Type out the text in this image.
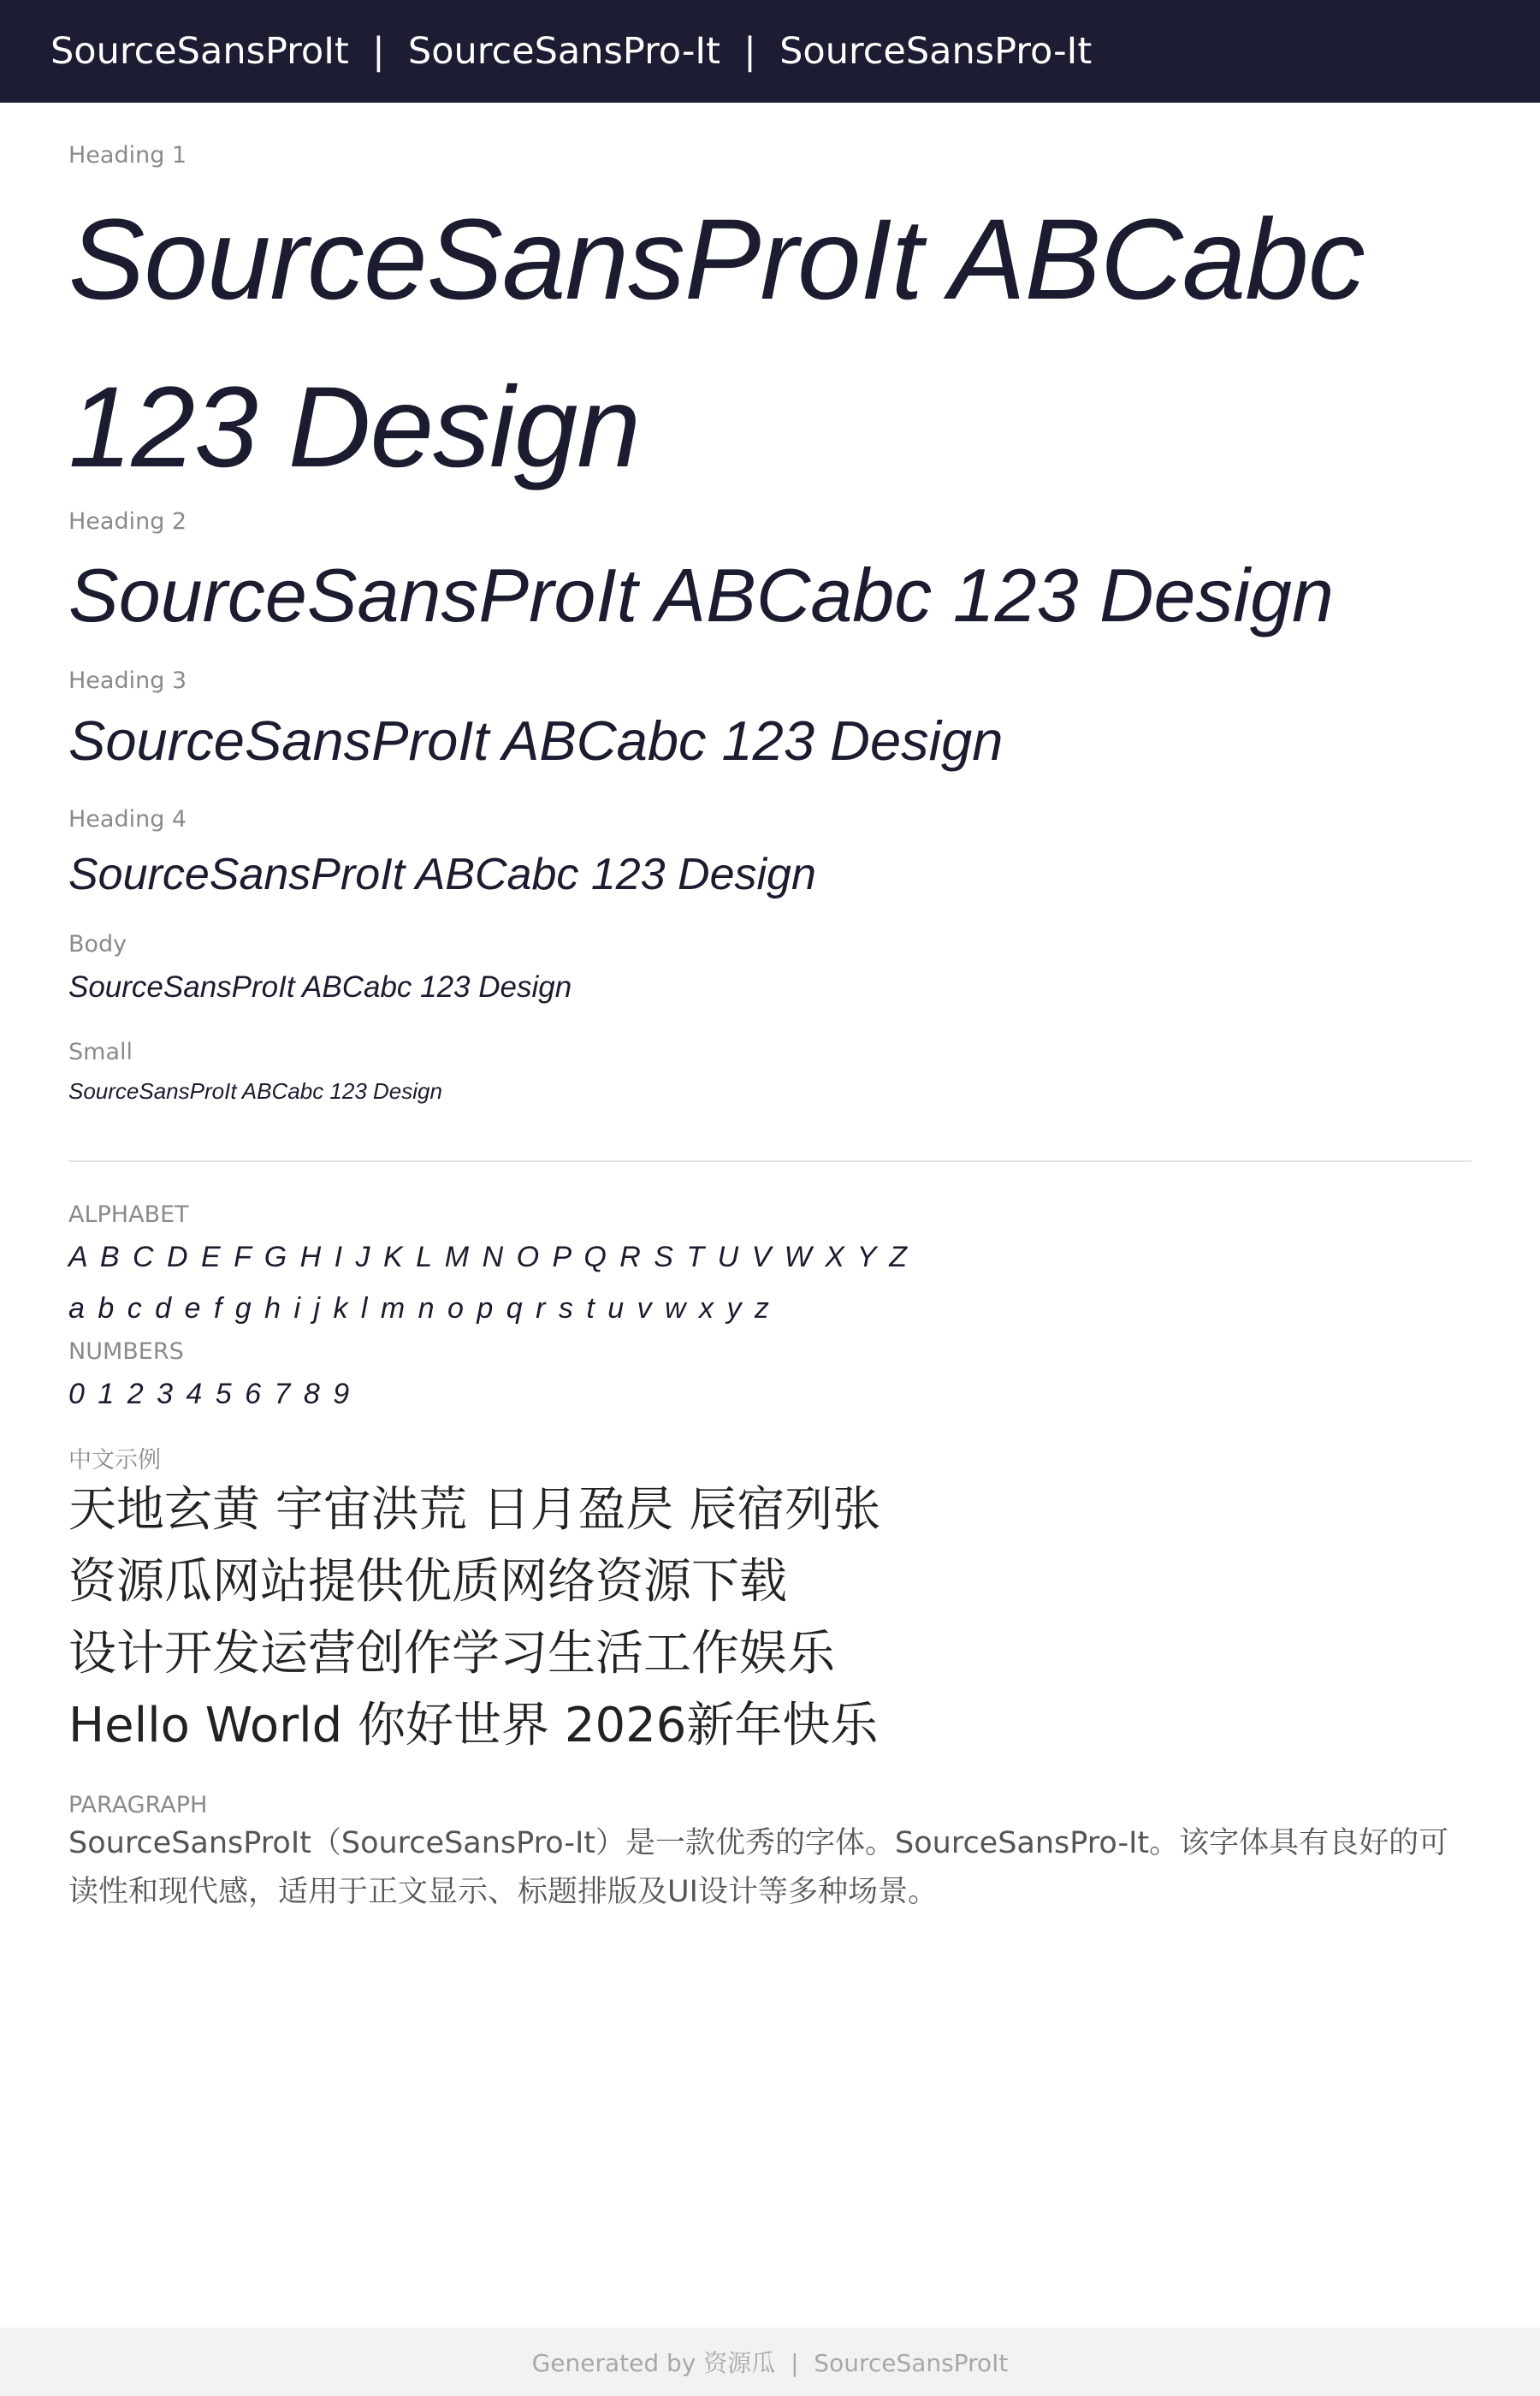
SourceSansProIt  |  SourceSansPro-It  |  SourceSansPro-It
Heading 1
SourceSansProIt ABCabc 123 Design
Heading 2
SourceSansProIt ABCabc 123 Design
Heading 3
SourceSansProIt ABCabc 123 Design
Heading 4
SourceSansProIt ABCabc 123 Design
Body
SourceSansProIt ABCabc 123 Design
Small
SourceSansProIt ABCabc 123 Design
ALPHABET
A B C D E F G H I J K L M N O P Q R S T U V W X Y Z
a b c d e f g h i j k l m n o p q r s t u v w x y z
NUMBERS
0 1 2 3 4 5 6 7 8 9
中文示例
天地玄黄 宇宙洪荒 日月盈昃 辰宿列张
资源瓜网站提供优质网络资源下载
设计开发运营创作学习生活工作娱乐
Hello World 你好世界 2026新年快乐
PARAGRAPH
SourceSansProIt（SourceSansPro-It）是一款优秀的字体。SourceSansPro-It。该字体具有良好的可读性和现代感，适用于正文显示、标题排版及UI设计等多种场景。
Generated by 资源瓜  |  SourceSansProIt
